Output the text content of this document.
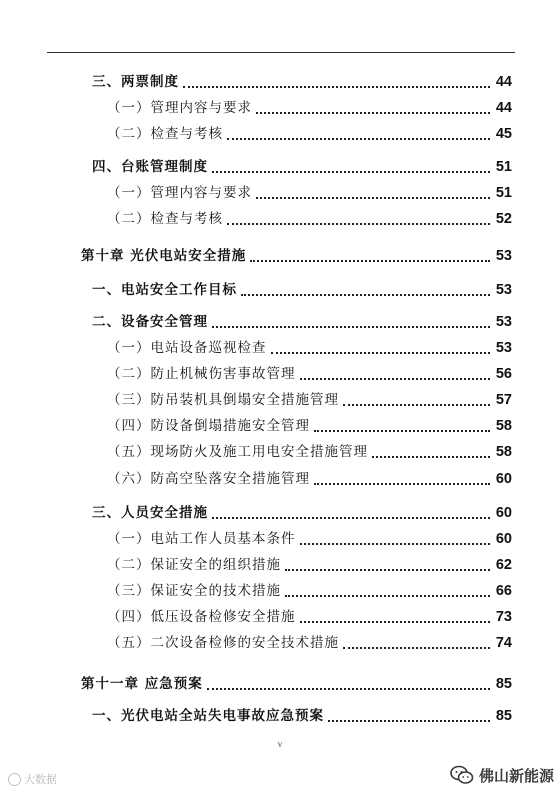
三、两票制度	44
（一）管理内容与要求	44
（二）检查与考核	45
四、台账管理制度	51
（一）管理内容与要求	51
（二）检查与考核	52
第十章 光伏电站安全措施	53
一、电站安全工作目标	53
二、设备安全管理	53
（一）电站设备巡视检查	53
（二）防止机械伤害事故管理	56
（三）防吊装机具倒塌安全措施管理	57
（四）防设备倒塌措施安全管理	58
（五）现场防火及施工用电安全措施管理	58
（六）防高空坠落安全措施管理	60
三、人员安全措施	60
（一）电站工作人员基本条件	60
（二）保证安全的组织措施	62
（三）保证安全的技术措施	66
（四）低压设备检修安全措施	73
（五）二次设备检修的安全技术措施	74
第十一章 应急预案	85
一、光伏电站全站失电事故应急预案	85
v
大数据	佛山新能源
